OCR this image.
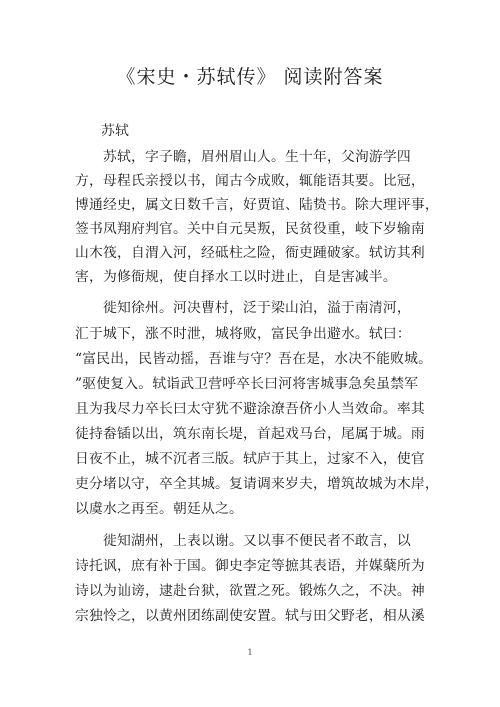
《宋史・苏轼传》 阅读附答案
苏轼
　　苏轼，字子瞻，眉州眉山人。生十年，父洵游学四
方，母程氏亲授以书，闻古今成败，辄能语其要。比冠，
博通经史，属文日数千言，好贾谊、陆贽书。除大理评事，
签书凤翔府判官。关中自元昊叛，民贫役重，岐下岁输南
山木筏，自渭入河，经砥柱之险，衙吏踵破家。轼访其利
害，为修衙规，使自择水工以时进止，自是害减半。
　　徙知徐州。河决曹村，泛于梁山泊，溢于南清河，
汇于城下，涨不时泄，城将败，富民争出避水。轼曰：
“富民出，民皆动摇，吾谁与守？吾在是，水决不能败城。
”驱使复入。轼诣武卫营呼卒长曰河将害城事急矣虽禁军
且为我尽力卒长曰太守犹不避涂潦吾侪小人当效命。率其
徒持畚锸以出，筑东南长堤，首起戏马台，尾属于城。雨
日夜不止，城不沉者三版。轼庐于其上，过家不入，使官
吏分堵以守，卒全其城。复请调来岁夫，增筑故城为木岸，
以虞水之再至。朝廷从之。
　　徙知湖州，上表以谢。又以事不便民者不敢言，以
诗托讽，庶有补于国。御史李定等摭其表语，并媒蘖所为
诗以为讪谤，逮赴台狱，欲置之死。锻炼久之，不决。神
宗独怜之，以黄州团练副使安置。轼与田父野老，相从溪
1
